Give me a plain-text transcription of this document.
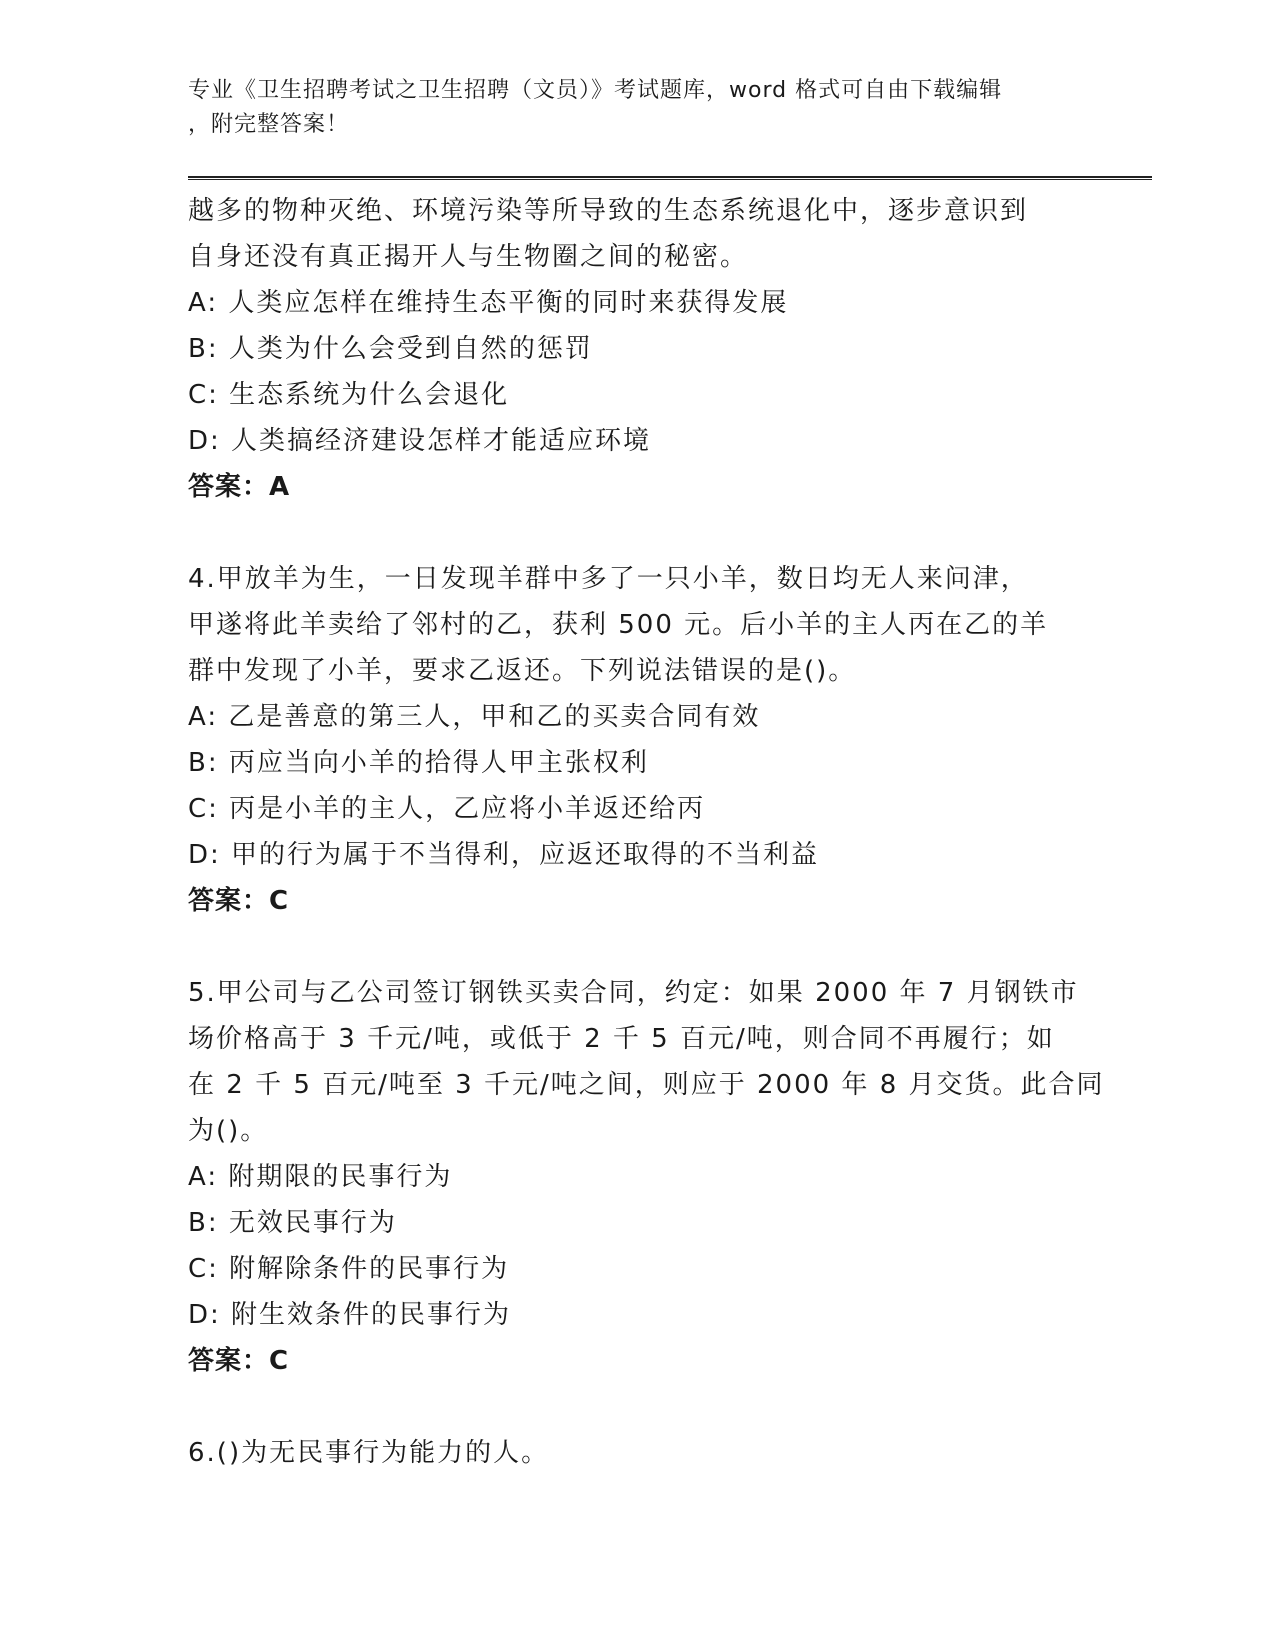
专业《卫生招聘考试之卫生招聘（文员）》考试题库，word 格式可自由下载编辑
，附完整答案！
越多的物种灭绝、环境污染等所导致的生态系统退化中，逐步意识到
自身还没有真正揭开人与生物圈之间的秘密。
A: 人类应怎样在维持生态平衡的同时来获得发展
B: 人类为什么会受到自然的惩罚
C: 生态系统为什么会退化
D: 人类搞经济建设怎样才能适应环境
答案：A
4.甲放羊为生，一日发现羊群中多了一只小羊，数日均无人来问津，
甲遂将此羊卖给了邻村的乙，获利 500 元。后小羊的主人丙在乙的羊
群中发现了小羊，要求乙返还。下列说法错误的是()。
A: 乙是善意的第三人，甲和乙的买卖合同有效
B: 丙应当向小羊的拾得人甲主张权利
C: 丙是小羊的主人，乙应将小羊返还给丙
D: 甲的行为属于不当得利，应返还取得的不当利益
答案：C
5.甲公司与乙公司签订钢铁买卖合同，约定：如果 2000 年 7 月钢铁市
场价格高于 3 千元/吨，或低于 2 千 5 百元/吨，则合同不再履行；如
在 2 千 5 百元/吨至 3 千元/吨之间，则应于 2000 年 8 月交货。此合同
为()。
A: 附期限的民事行为
B: 无效民事行为
C: 附解除条件的民事行为
D: 附生效条件的民事行为
答案：C
6.()为无民事行为能力的人。
